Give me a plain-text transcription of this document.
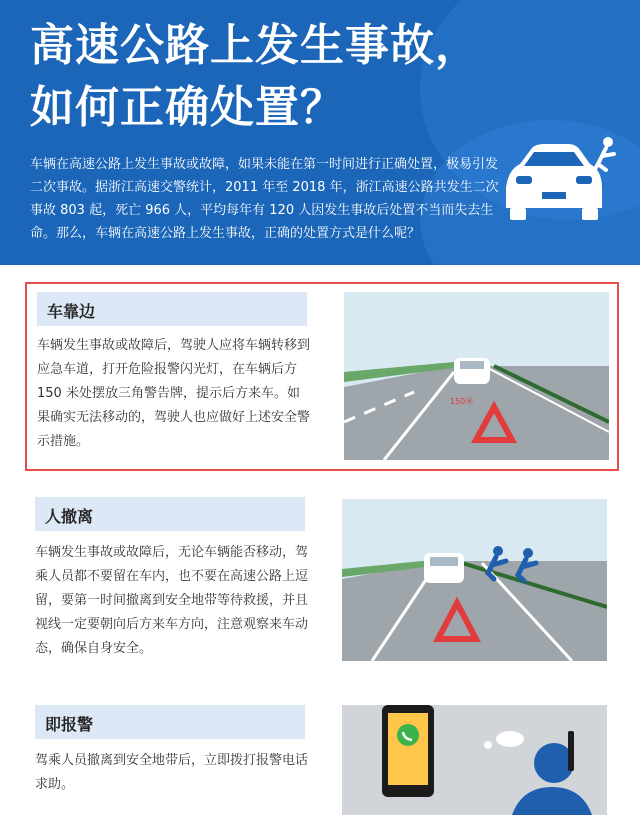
高速公路上发生事故，
如何正确处置？
车辆在高速公路上发生事故或故障，如果未能在第一时间进行正确处置，极易引发二次事故。据浙江高速交警统计，2011 年至 2018 年，浙江高速公路共发生二次事故 803 起，死亡 966 人，平均每年有 120 人因发生事故后处置不当而失去生命。那么，车辆在高速公路上发生事故，正确的处置方式是什么呢？
车靠边
车辆发生事故或故障后，驾驶人应将车辆转移到应急车道，打开危险报警闪光灯，在车辆后方 150 米处摆放三角警告牌，提示后方来车。如果确实无法移动的，驾驶人也应做好上述安全警示措施。
150米
人撤离
车辆发生事故或故障后，无论车辆能否移动，驾乘人员都不要留在车内，也不要在高速公路上逗留，要第一时间撤离到安全地带等待救援，并且视线一定要朝向后方来车方向，注意观察来车动态，确保自身安全。
即报警
驾乘人员撤离到安全地带后，立即拨打报警电话求助。
